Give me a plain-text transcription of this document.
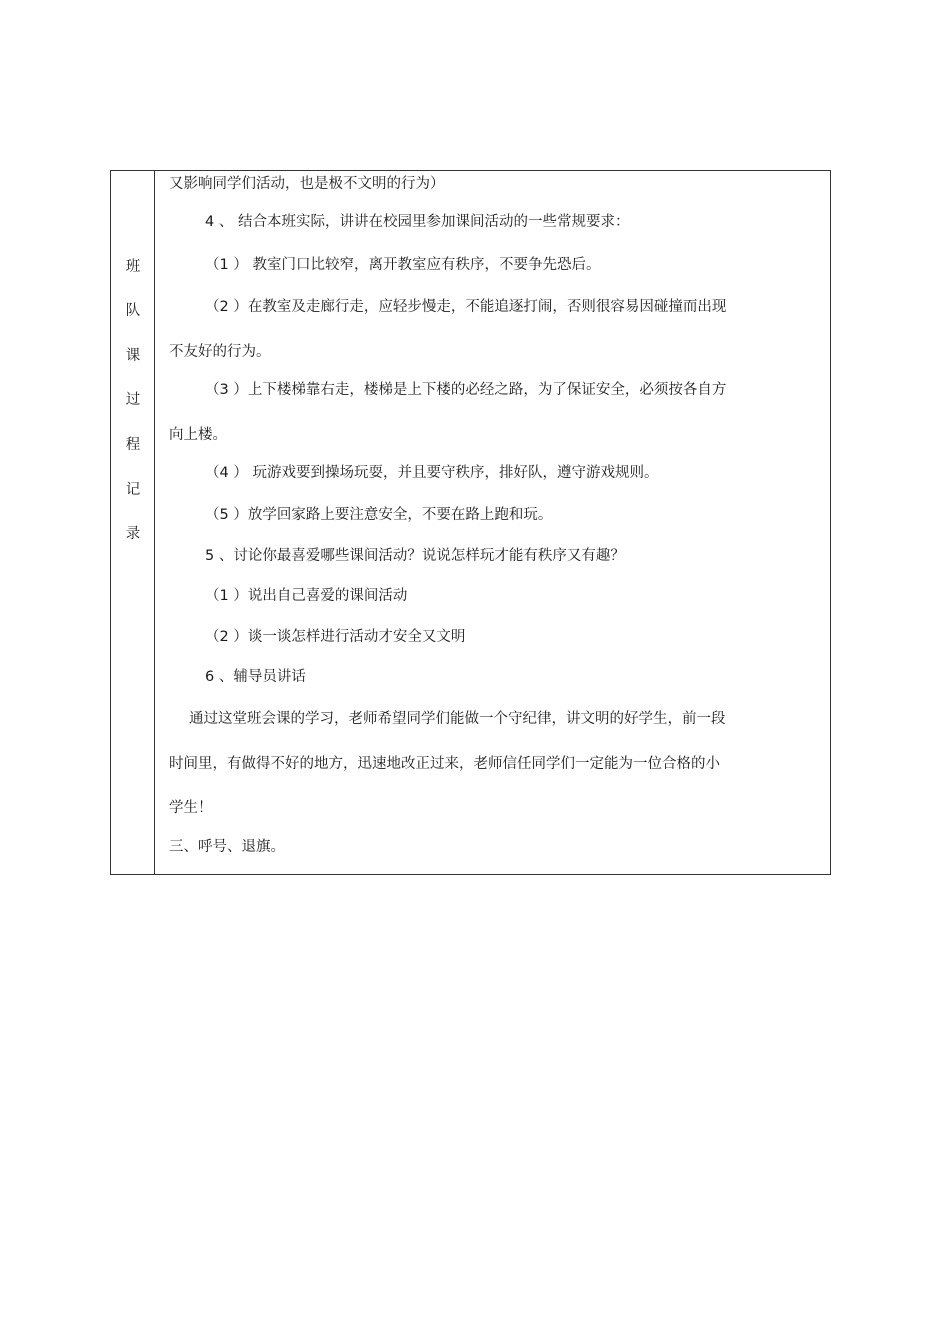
班
队
课
过
程
记
录
又影响同学们活动，也是极不文明的行为）
4 、 结合本班实际，讲讲在校园里参加课间活动的一些常规要求：
（1 ） 教室门口比较窄，离开教室应有秩序，不要争先恐后。
（2 ）在教室及走廊行走，应轻步慢走，不能追逐打闹，否则很容易因碰撞而出现
不友好的行为。
（3 ）上下楼梯靠右走，楼梯是上下楼的必经之路，为了保证安全，必须按各自方
向上楼。
（4 ） 玩游戏要到操场玩耍，并且要守秩序，排好队，遵守游戏规则。
（5 ）放学回家路上要注意安全，不要在路上跑和玩。
5 、讨论你最喜爱哪些课间活动？说说怎样玩才能有秩序又有趣？
（1 ）说出自己喜爱的课间活动
（2 ）谈一谈怎样进行活动才安全又文明
6 、辅导员讲话
通过这堂班会课的学习，老师希望同学们能做一个守纪律，讲文明的好学生，前一段
时间里，有做得不好的地方，迅速地改正过来，老师信任同学们一定能为一位合格的小
学生！
三、呼号、退旗。
